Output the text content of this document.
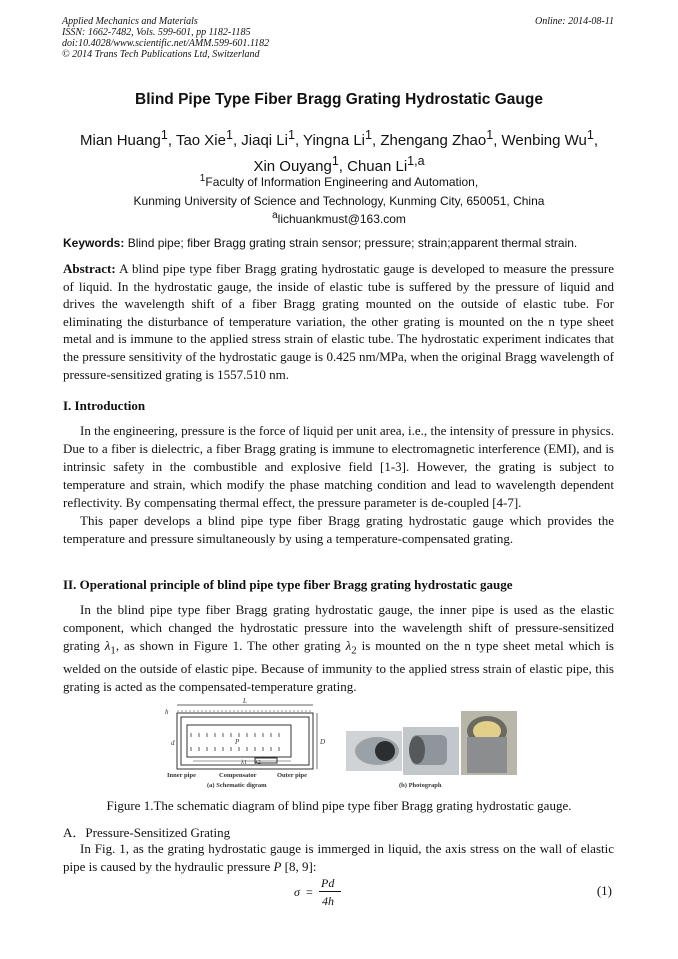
Applied Mechanics and Materials
ISSN: 1662-7482, Vols. 599-601, pp 1182-1185
doi:10.4028/www.scientific.net/AMM.599-601.1182
© 2014 Trans Tech Publications Ltd, Switzerland
Online: 2014-08-11
Blind Pipe Type Fiber Bragg Grating Hydrostatic Gauge
Mian Huang$^1$, Tao Xie$^1$, Jiaqi Li$^1$, Yingna Li$^1$, Zhengang Zhao$^1$, Wenbing Wu$^1$,
Xin Ouyang$^1$, Chuan Li$^{1,a}$
$^1$Faculty of Information Engineering and Automation,
Kunming University of Science and Technology, Kunming City, 650051, China
$^a$lichuankmust@163.com
Keywords: Blind pipe; fiber Bragg grating strain sensor; pressure; strain;apparent thermal strain.
Abstract: A blind pipe type fiber Bragg grating hydrostatic gauge is developed to measure the pressure of liquid. In the hydrostatic gauge, the inside of elastic tube is suffered by the pressure of liquid and drives the wavelength shift of a fiber Bragg grating mounted on the outside of elastic tube. For eliminating the disturbance of temperature variation, the other grating is mounted on the n type sheet metal and is immune to the applied stress strain of elastic tube. The hydrostatic experiment indicates that the pressure sensitivity of the hydrostatic gauge is 0.425 nm/MPa, when the original Bragg wavelength of pressure-sensitized grating is 1557.510 nm.
I. Introduction
In the engineering, pressure is the force of liquid per unit area, i.e., the intensity of pressure in physics. Due to a fiber is dielectric, a fiber Bragg grating is immune to electromagnetic interference (EMI), and is intrinsic safety in the combustible and explosive field [1-3]. However, the grating is subject to temperature and strain, which modify the phase matching condition and lead to wavelength dependent reflectivity. By compensating thermal effect, the pressure parameter is de-coupled [4-7].
This paper develops a blind pipe type fiber Bragg grating hydrostatic gauge which provides the temperature and pressure simultaneously by using a temperature-compensated grating.
II. Operational principle of blind pipe type fiber Bragg grating hydrostatic gauge
In the blind pipe type fiber Bragg grating hydrostatic gauge, the inner pipe is used as the elastic component, which changed the hydrostatic pressure into the wavelength shift of pressure-sensitized grating $\lambda_1$, as shown in Figure 1. The other grating $\lambda_2$ is mounted on the n type sheet metal which is welded on the outside of elastic pipe. Because of immunity to the applied stress strain of elastic pipe, this grating is acted as the compensated-temperature grating.
L
h
d	P	D
λ1 λ2
Inner pipe	Compensator	Outer pipe
(a) Schematic digram	(b) Photograph
Figure 1.The schematic diagram of blind pipe type fiber Bragg grating hydrostatic gauge.
A．Pressure-Sensitized Grating
In Fig. 1, as the grating hydrostatic gauge is immerged in liquid, the axis stress on the wall of elastic pipe is caused by the hydraulic pressure P [8, 9]:
σ =
Pd
4h
(1)
